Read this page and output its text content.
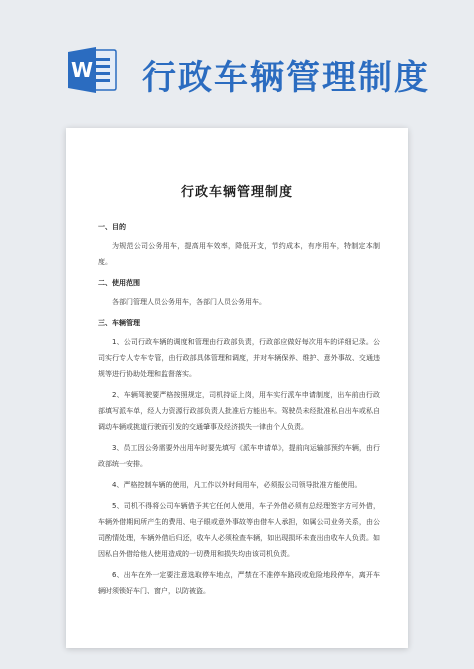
W 行政车辆管理制度
行政车辆管理制度
一、目的
为规范公司公务用车，提高用车效率，降低开支，节约成本，有序用车，特制定本制度。
二、使用范围
各部门管理人员公务用车，各部门人员公务用车。
三、车辆管理
1、公司行政车辆的调度和管理由行政部负责，行政部应做好每次用车的详细记录。公司实行专人专车专管，由行政部具体管理和调度，并对车辆保养、维护、意外事故、交通违规等进行协助处理和监督落实。
2、车辆驾驶要严格按照规定，司机持证上岗，用车实行派车申请制度，出车前由行政部填写派车单，经人力资源行政部负责人批准后方能出车。驾驶员未经批准私自出车或私自调动车辆或挑道行驶而引发的交通肇事及经济损失一律由个人负责。
3、员工因公务需要外出用车时要先填写《派车申请单》，提前向运输部预约车辆，由行政部统一安排。
4、严格控制车辆的使用，凡工作以外时间用车，必须报公司领导批准方能使用。
5、司机不得将公司车辆借予其它任何人使用，车子外借必须有总经理签字方可外借，车辆外借期间所产生的费用、电子眼或意外事故等由借车人承担，如属公司业务关系，由公司酌情处理，车辆外借后归还，收车人必须检查车辆，如出现损坏未查出由收车人负责。如因私自外借给他人使用造成的一切费用和损失均由该司机负责。
6、出车在外一定要注意选取停车地点，严禁在不准停车路段或危险地段停车，离开车辆时须锁好车门、窗户，以防被盗。
